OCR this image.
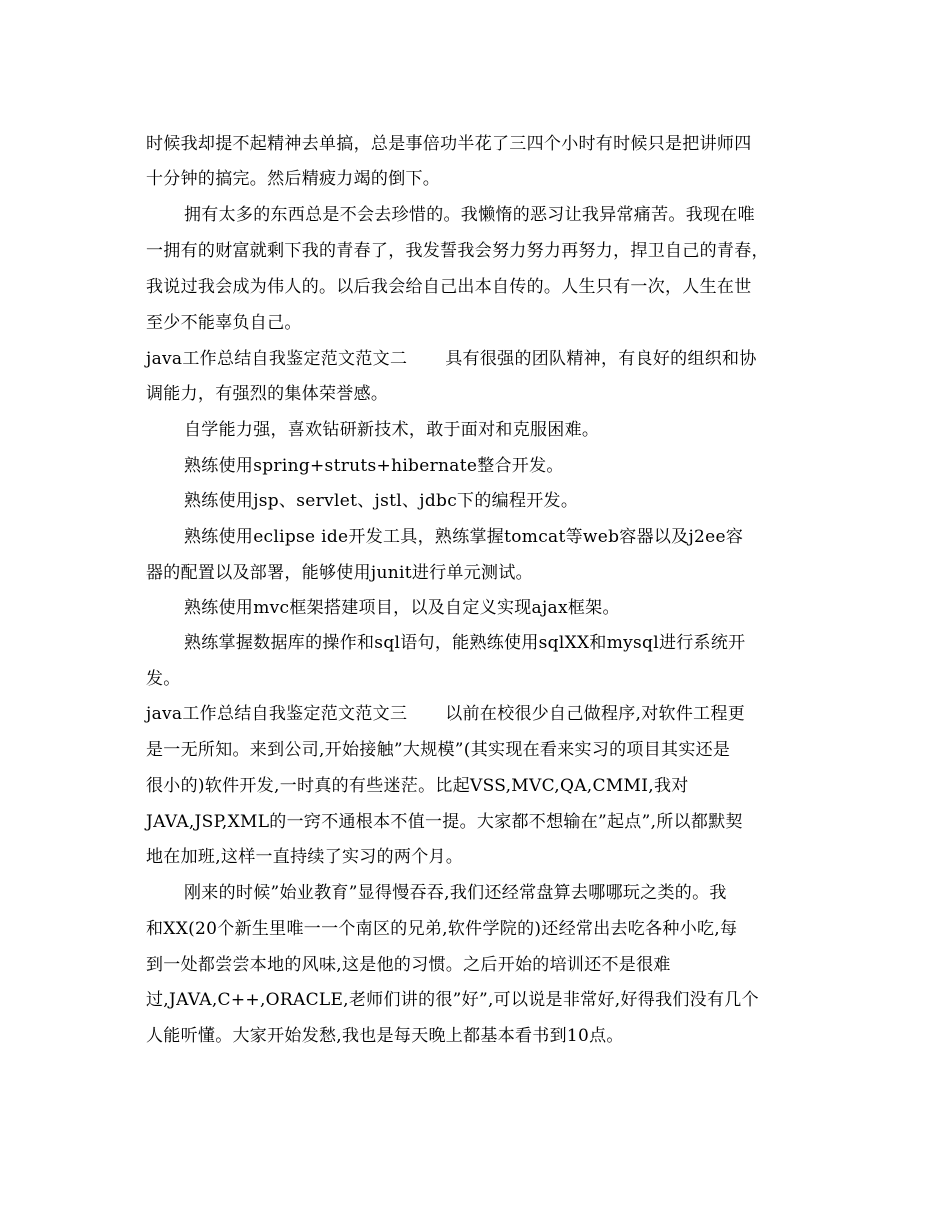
时候我却提不起精神去单搞，总是事倍功半花了三四个小时有时候只是把讲师四
十分钟的搞完。然后精疲力竭的倒下。
拥有太多的东西总是不会去珍惜的。我懒惰的恶习让我异常痛苦。我现在唯
一拥有的财富就剩下我的青春了，我发誓我会努力努力再努力，捍卫自己的青春，
我说过我会成为伟人的。以后我会给自己出本自传的。人生只有一次，人生在世
至少不能辜负自己。
java工作总结自我鉴定范文范文二 具有很强的团队精神，有良好的组织和协
调能力，有强烈的集体荣誉感。
自学能力强，喜欢钻研新技术，敢于面对和克服困难。
熟练使用spring+struts+hibernate整合开发。
熟练使用jsp、servlet、jstl、jdbc下的编程开发。
熟练使用eclipse ide开发工具，熟练掌握tomcat等web容器以及j2ee容
器的配置以及部署，能够使用junit进行单元测试。
熟练使用mvc框架搭建项目，以及自定义实现ajax框架。
熟练掌握数据库的操作和sql语句，能熟练使用sqlXX和mysql进行系统开
发。
java工作总结自我鉴定范文范文三 以前在校很少自己做程序,对软件工程更
是一无所知。来到公司,开始接触”大规模”(其实现在看来实习的项目其实还是
很小的)软件开发,一时真的有些迷茫。比起VSS,MVC,QA,CMMI,我对
JAVA,JSP,XML的一窍不通根本不值一提。大家都不想输在”起点”,所以都默契
地在加班,这样一直持续了实习的两个月。
刚来的时候”始业教育”显得慢吞吞,我们还经常盘算去哪哪玩之类的。我
和XX(20个新生里唯一一个南区的兄弟,软件学院的)还经常出去吃各种小吃,每
到一处都尝尝本地的风味,这是他的习惯。之后开始的培训还不是很难
过,JAVA,C++,ORACLE,老师们讲的很”好”,可以说是非常好,好得我们没有几个
人能听懂。大家开始发愁,我也是每天晚上都基本看书到10点。
